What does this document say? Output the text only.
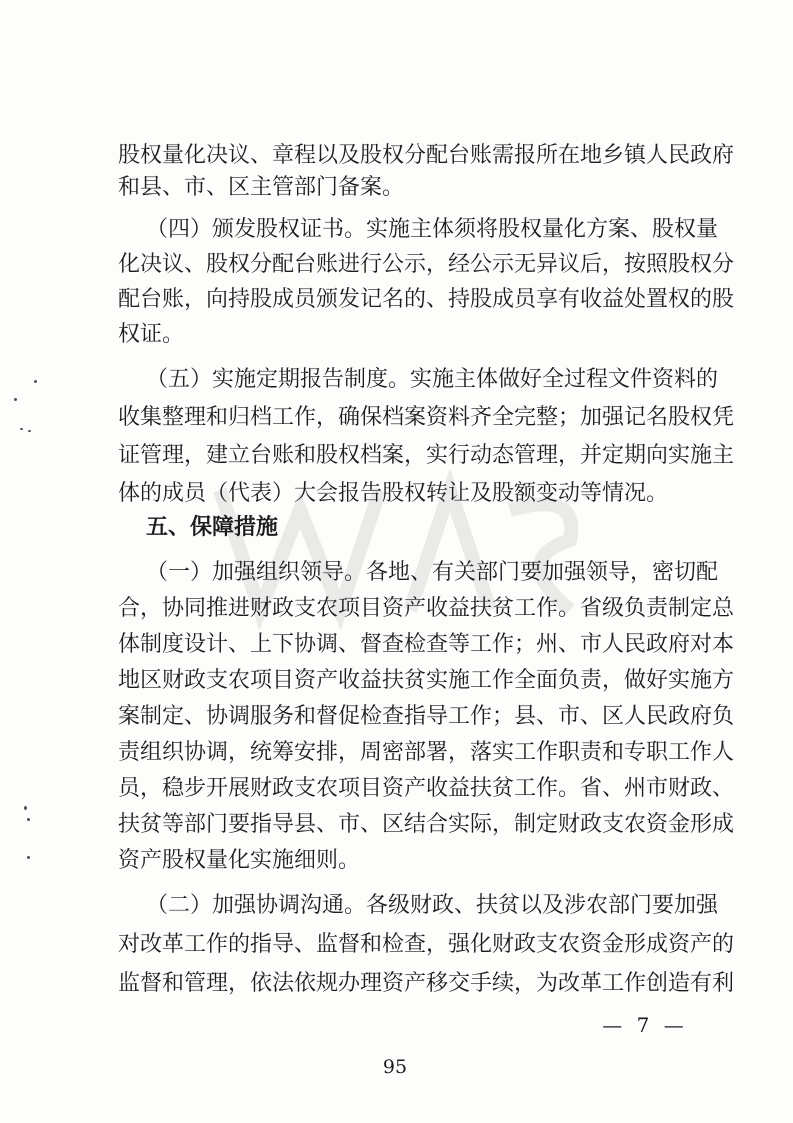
股权量化决议、章程以及股权分配台账需报所在地乡镇人民政府
和县、市、区主管部门备案。
（四）颁发股权证书。实施主体须将股权量化方案、股权量
化决议、股权分配台账进行公示，经公示无异议后，按照股权分
配台账，向持股成员颁发记名的、持股成员享有收益处置权的股
权证。
（五）实施定期报告制度。实施主体做好全过程文件资料的
收集整理和归档工作，确保档案资料齐全完整；加强记名股权凭
证管理，建立台账和股权档案，实行动态管理，并定期向实施主
体的成员（代表）大会报告股权转让及股额变动等情况。
五、保障措施
（一）加强组织领导。各地、有关部门要加强领导，密切配
合，协同推进财政支农项目资产收益扶贫工作。省级负责制定总
体制度设计、上下协调、督查检查等工作；州、市人民政府对本
地区财政支农项目资产收益扶贫实施工作全面负责，做好实施方
案制定、协调服务和督促检查指导工作；县、市、区人民政府负
责组织协调，统筹安排，周密部署，落实工作职责和专职工作人
员，稳步开展财政支农项目资产收益扶贫工作。省、州市财政、
扶贫等部门要指导县、市、区结合实际，制定财政支农资金形成
资产股权量化实施细则。
（二）加强协调沟通。各级财政、扶贫以及涉农部门要加强
对改革工作的指导、监督和检查，强化财政支农资金形成资产的
监督和管理，依法依规办理资产移交手续，为改革工作创造有利
— 7 —
95
